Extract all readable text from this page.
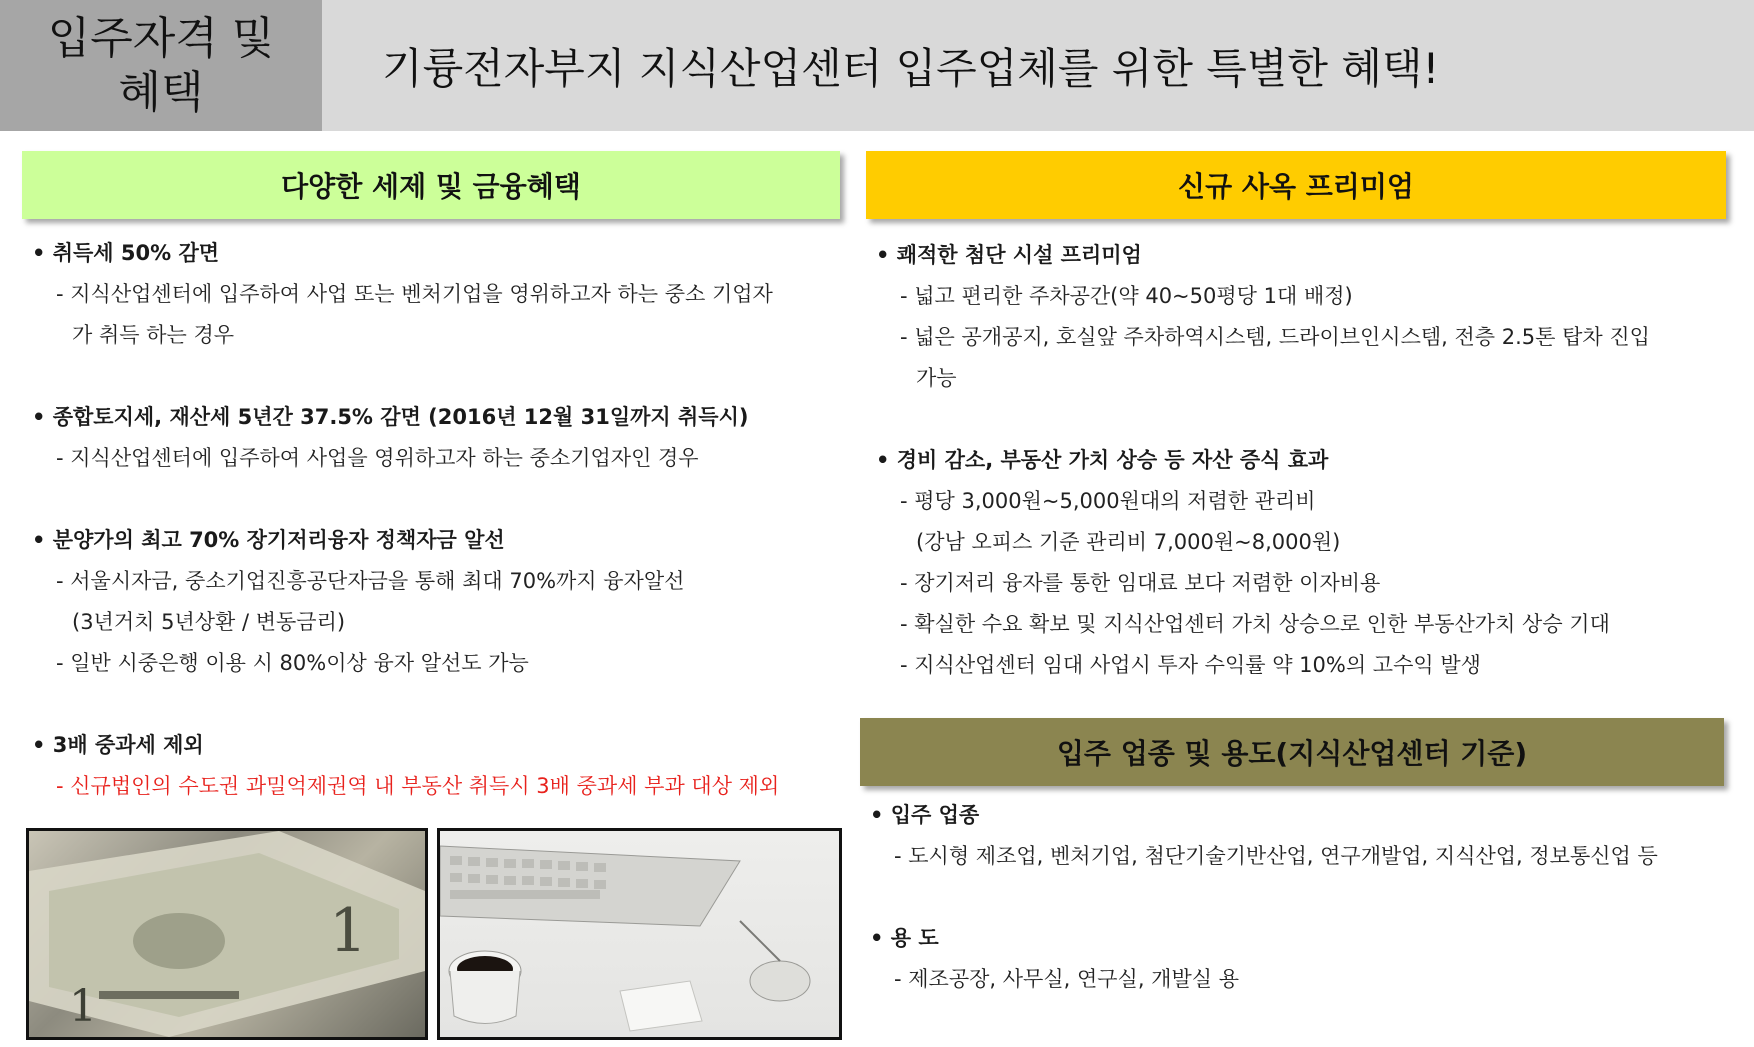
입주자격 및
혜택	기륭전자부지 지식산업센터 입주업체를 위한 특별한 혜택!
다양한 세제 및 금융혜택
• 취득세 50% 감면
- 지식산업센터에 입주하여 사업 또는 벤처기업을 영위하고자 하는 중소 기업자
가 취득 하는 경우
• 종합토지세, 재산세 5년간 37.5% 감면 (2016년 12월 31일까지 취득시)
- 지식산업센터에 입주하여 사업을 영위하고자 하는 중소기업자인 경우
• 분양가의 최고 70% 장기저리융자 정책자금 알선
- 서울시자금, 중소기업진흥공단자금을 통해 최대 70%까지 융자알선
(3년거치 5년상환 / 변동금리)
- 일반 시중은행 이용 시 80%이상 융자 알선도 가능
• 3배 중과세 제외
- 신규법인의 수도권 과밀억제권역 내 부동산 취득시 3배 중과세 부과 대상 제외
1
1
신규 사옥 프리미엄
• 쾌적한 첨단 시설 프리미엄
- 넓고 편리한 주차공간(약 40~50평당 1대 배정)
- 넓은 공개공지, 호실앞 주차하역시스템, 드라이브인시스템, 전층 2.5톤 탑차 진입
가능
• 경비 감소, 부동산 가치 상승 등 자산 증식 효과
- 평당 3,000원~5,000원대의 저렴한 관리비
(강남 오피스 기준 관리비 7,000원~8,000원)
- 장기저리 융자를 통한 임대료 보다 저렴한 이자비용
- 확실한 수요 확보 및 지식산업센터 가치 상승으로 인한 부동산가치 상승 기대
- 지식산업센터 임대 사업시 투자 수익률 약 10%의 고수익 발생
입주 업종 및 용도(지식산업센터 기준)
• 입주 업종
- 도시형 제조업, 벤처기업, 첨단기술기반산업, 연구개발업, 지식산업, 정보통신업 등
• 용 도
- 제조공장, 사무실, 연구실, 개발실 용
